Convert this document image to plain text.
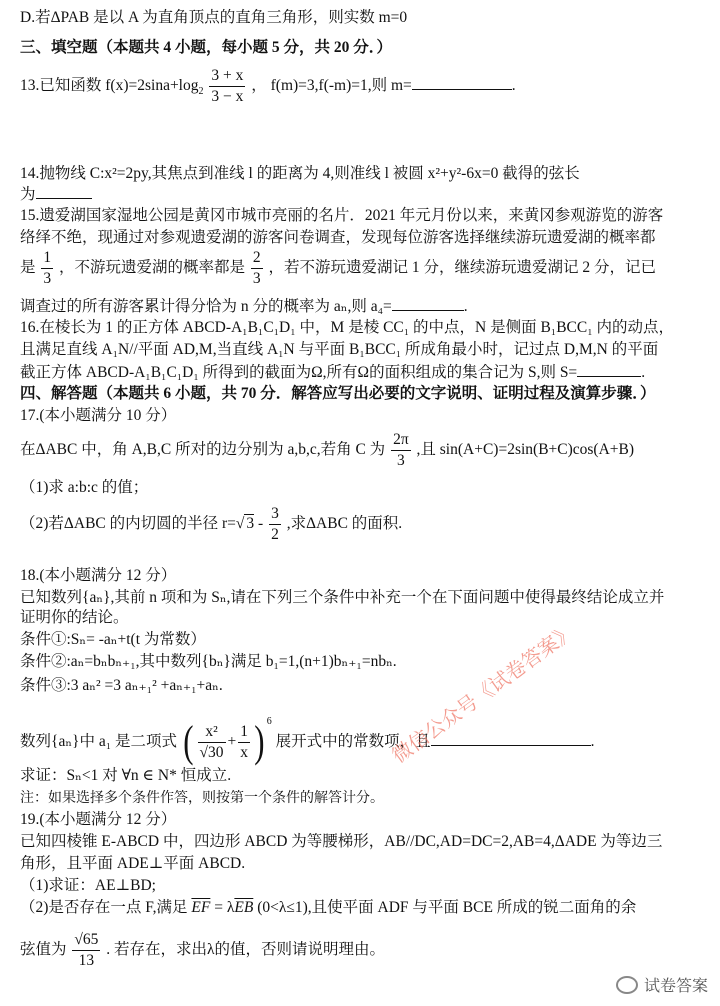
D.若ΔPAB 是以 A 为直角顶点的直角三角形，则实数 m=0
三、填空题（本题共 4 小题，每小题 5 分，共 20 分．）
13.已知函数 $f(x)=2\sin a+\log_2 \frac{3 + x}{3 - x}$ ， f(m)=3,f(-m)=1,则 m=	.
14.抛物线 C:x²=2py,其焦点到准线 l 的距离为 4,则准线 l 被圆 x²+y²-6x=0 截得的弦长
为
15.遗爱湖国家湿地公园是黄冈市城市亮丽的名片．2021 年元月份以来，来黄冈参观游览的游客
络绎不绝，现通过对参观遗爱湖的游客问卷调查，发现每位游客选择继续游玩遗爱湖的概率都
是 $\frac{1}{3}$ ，不游玩遗爱湖的概率都是 $\frac{2}{3}$ ，若不游玩遗爱湖记 1 分，继续游玩遗爱湖记 2 分，记已
调查过的所有游客累计得分恰为 n 分的概率为 aₙ,则 a₄=	.
16.在棱长为 1 的正方体 ABCD-A₁B₁C₁D₁ 中，M 是棱 CC₁ 的中点，N 是侧面 B₁BCC₁ 内的动点，
且满足直线 A₁N//平面 AD,M,当直线 A₁N 与平面 B₁BCC₁ 所成角最小时，记过点 D,M,N 的平面
截正方体 ABCD-A₁B₁C₁D₁ 所得到的截面为Ω,所有Ω的面积组成的集合记为 S,则 S=	.
四、解答题（本题共 6 小题，共 70 分．解答应写出必要的文字说明、证明过程及演算步骤．）
17.(本小题满分 10 分）
在ΔABC 中，角 A,B,C 所对的边分别为 a,b,c,若角 C 为 $\frac{2\pi}{3}$ ,且 sin(A+C)=2sin(B+C)cos(A+B)
（1)求 a:b:c 的值；
（2)若ΔABC 的内切圆的半径 r=√ $3 - \frac{3}{2}$ ,求ΔABC 的面积.
18.(本小题满分 12 分）
已知数列{aₙ},其前 n 项和为 Sₙ,请在下列三个条件中补充一个在下面问题中使得最终结论成立并
证明你的结论。
条件①:Sₙ= -aₙ+t(t 为常数）
条件②:aₙ=bₙbₙ₊₁,其中数列{bₙ}满足 b₁=1,(n+1)bₙ₊₁=nbₙ.
条件③:3 aₙ² =3 aₙ₊₁² +aₙ₊₁+aₙ.
数列{aₙ}中 a₁ 是二项式 ( $\frac{\text{x²}}{√30} + \frac{1}{x}$ ) $^6$ 展开式中的常数项，且	.
求证：Sₙ<1 对 ∀n ∈ N* 恒成立.
注：如果选择多个条件作答，则按第一个条件的解答计分。
19.(本小题满分 12 分）
已知四棱锥 E-ABCD 中，四边形 ABCD 为等腰梯形，AB//DC,AD=DC=2,AB=4,ΔADE 为等边三
角形，且平面 ADE⊥平面 ABCD.
（1)求证：AE⊥BD;
（2)是否存在一点 F,满足 $\overline{EF} = \lambda\overline{EB}$ (0<λ≤1),且使平面 ADF 与平面 BCE 所成的锐二面角的余
弦值为 $\frac{√65}{13}$ . 若存在，求出λ的值，否则请说明理由。
微信公众号《试卷答案》
试卷答案
